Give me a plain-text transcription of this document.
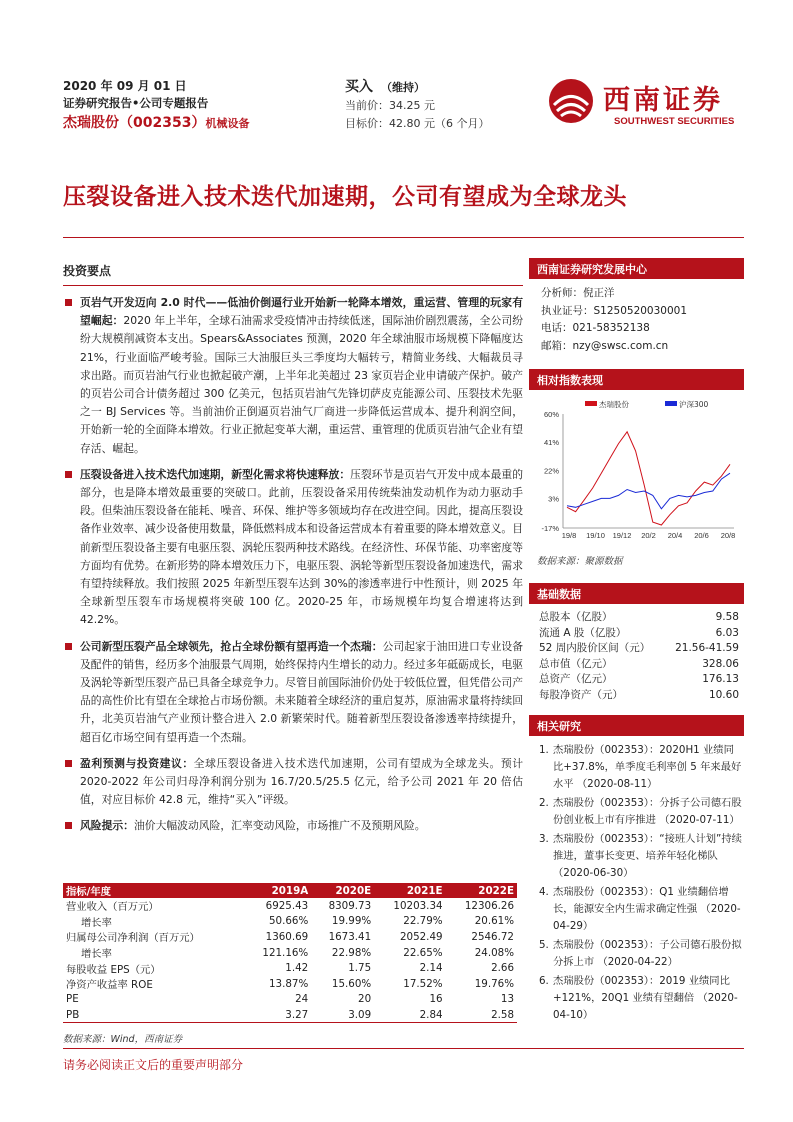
2020 年 09 月 01 日
证券研究报告•公司专题报告
杰瑞股份（002353）机械设备
买入 （维持）
当前价：34.25 元
目标价：42.80 元（6 个月）
西南证券
SOUTHWEST SECURITIES
压裂设备进入技术迭代加速期，公司有望成为全球龙头
投资要点
页岩气开发迈向 2.0 时代——低油价倒逼行业开始新一轮降本增效，重运营、管理的玩家有望崛起：2020 年上半年，全球石油需求受疫情冲击持续低迷，国际油价剧烈震荡，全公司纷纷大规模削减资本支出。Spears&Associates 预测，2020 年全球油服市场规模下降幅度达 21%，行业面临严峻考验。国际三大油服巨头三季度均大幅转亏，精简业务线、大幅裁员寻求出路。而页岩油气行业也掀起破产潮，上半年北美超过 23 家页岩企业申请破产保护。破产的页岩公司合计债务超过 300 亿美元，包括页岩油气先锋切萨皮克能源公司、压裂技术先驱之一 BJ Services 等。当前油价正倒逼页岩油气厂商进一步降低运营成本、提升利润空间，开始新一轮的全面降本增效。行业正掀起变革大潮，重运营、重管理的优质页岩油气企业有望存活、崛起。
压裂设备进入技术迭代加速期，新型化需求将快速释放：压裂环节是页岩气开发中成本最重的部分，也是降本增效最重要的突破口。此前，压裂设备采用传统柴油发动机作为动力驱动手段。但柴油压裂设备在能耗、噪音、环保、维护等多领域均存在改进空间。因此，提高压裂设备作业效率、减少设备使用数量，降低燃料成本和设备运营成本有着重要的降本增效意义。目前新型压裂设备主要有电驱压裂、涡轮压裂两种技术路线。在经济性、环保节能、功率密度等方面均有优势。在新形势的降本增效压力下，电驱压裂、涡轮等新型压裂设备加速迭代，需求有望持续释放。我们按照 2025 年新型压裂车达到 30%的渗透率进行中性预计，则 2025 年全球新型压裂车市场规模将突破 100 亿。2020-25 年，市场规模年均复合增速将达到 42.2%。
公司新型压裂产品全球领先，抢占全球份额有望再造一个杰瑞：公司起家于油田进口专业设备及配件的销售，经历多个油服景气周期，始终保持内生增长的动力。经过多年砥砺成长，电驱及涡轮等新型压裂产品已具备全球竞争力。尽管目前国际油价仍处于较低位置，但凭借公司产品的高性价比有望在全球抢占市场份额。未来随着全球经济的重启复苏，原油需求量将持续回升，北美页岩油气产业预计整合进入 2.0 新繁荣时代。随着新型压裂设备渗透率持续提升，超百亿市场空间有望再造一个杰瑞。
盈利预测与投资建议：全球压裂设备进入技术迭代加速期，公司有望成为全球龙头。预计 2020-2022 年公司归母净利润分别为 16.7/20.5/25.5 亿元，给予公司 2021 年 20 倍估值，对应目标价 42.8 元，维持“买入”评级。
风险提示：油价大幅波动风险，汇率变动风险，市场推广不及预期风险。
指标/年度	2019A	2020E	2021E	2022E
营业收入（百万元）	6925.43	8309.73	10203.34	12306.26
增长率	50.66%	19.99%	22.79%	20.61%
归属母公司净利润（百万元）	1360.69	1673.41	2052.49	2546.72
增长率	121.16%	22.98%	22.65%	24.08%
每股收益 EPS（元）	1.42	1.75	2.14	2.66
净资产收益率 ROE	13.87%	15.60%	17.52%	19.76%
PE	24	20	16	13
PB	3.27	3.09	2.84	2.58
数据来源：Wind，西南证券
西南证券研究发展中心
分析师：倪正洋
执业证号：S1250520030001
电话：021-58352138
邮箱：nzy@swsc.com.cn
相对指数表现
60%
41%
22%
3%
-17%
19/8 19/10 19/12 20/2 20/4 20/6 20/8
杰瑞股份	沪深300
数据来源：聚源数据
基础数据
总股本（亿股）	9.58
流通 A 股（亿股）	6.03
52 周内股价区间（元） 21.56-41.59
总市值（亿元）	328.06
总资产（亿元）	176.13
每股净资产（元）	10.60
相关研究
1. 杰瑞股份（002353）：2020H1 业绩同比+37.8%，单季度毛利率创 5 年来最好水平 （2020-08-11）
2. 杰瑞股份（002353）：分拆子公司德石股份创业板上市有序推进 （2020-07-11）
3. 杰瑞股份（002353）：“接班人计划”持续推进，董事长变更、培养年轻化梯队 （2020-06-30）
4. 杰瑞股份（002353）：Q1 业绩翻倍增长，能源安全内生需求确定性强 （2020-04-29）
5. 杰瑞股份（002353）：子公司德石股份拟分拆上市 （2020-04-22）
6. 杰瑞股份（002353）：2019 业绩同比+121%，20Q1 业绩有望翻倍 （2020-04-10）
请务必阅读正文后的重要声明部分
